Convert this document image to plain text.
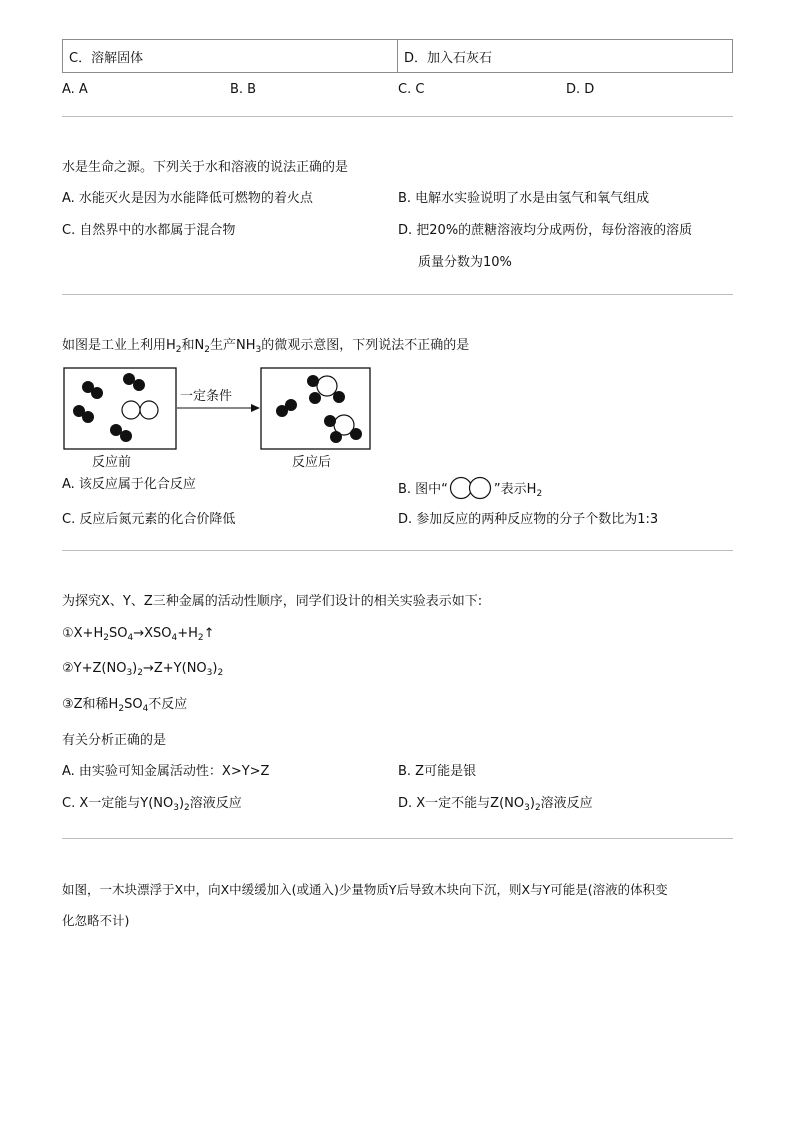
C．溶解固体	D．加入石灰石
A. A	B. B	C. C	D. D
水是生命之源。下列关于水和溶液的说法正确的是
A. 水能灭火是因为水能降低可燃物的着火点	B. 电解水实验说明了水是由氢气和氧气组成
C. 自然界中的水都属于混合物	D. 把20%的蔗糖溶液均分成两份，每份溶液的溶质
质量分数为10%
如图是工业上利用$H_2$和$N_2$生产$NH_3$的微观示意图，下列说法不正确的是
一定条件
反应前	反应后
A. 该反应属于化合反应	B. 图中“	”表示$H_2$
C. 反应后氮元素的化合价降低	D. 参加反应的两种反应物的分子个数比为1:3
为探究X、Y、Z三种金属的活动性顺序，同学们设计的相关实验表示如下:
$①X+H_2SO_4\to XSO_4+H_2↑$
$②Y+Z(NO_3)_2\to Z+Y(NO_3)_2$
③Z和稀$H_2SO_4$不反应
有关分析正确的是
A. 由实验可知金属活动性：X>Y>Z	B. Z可能是银
C. X一定能与$Y(NO_3)_2$溶液反应	D. X一定不能与$Z(NO_3)_2$溶液反应
如图，一木块漂浮于X中，向X中缓缓加入(或通入)少量物质Y后导致木块向下沉，则X与Y可能是(溶液的体积变
化忽略不计)
